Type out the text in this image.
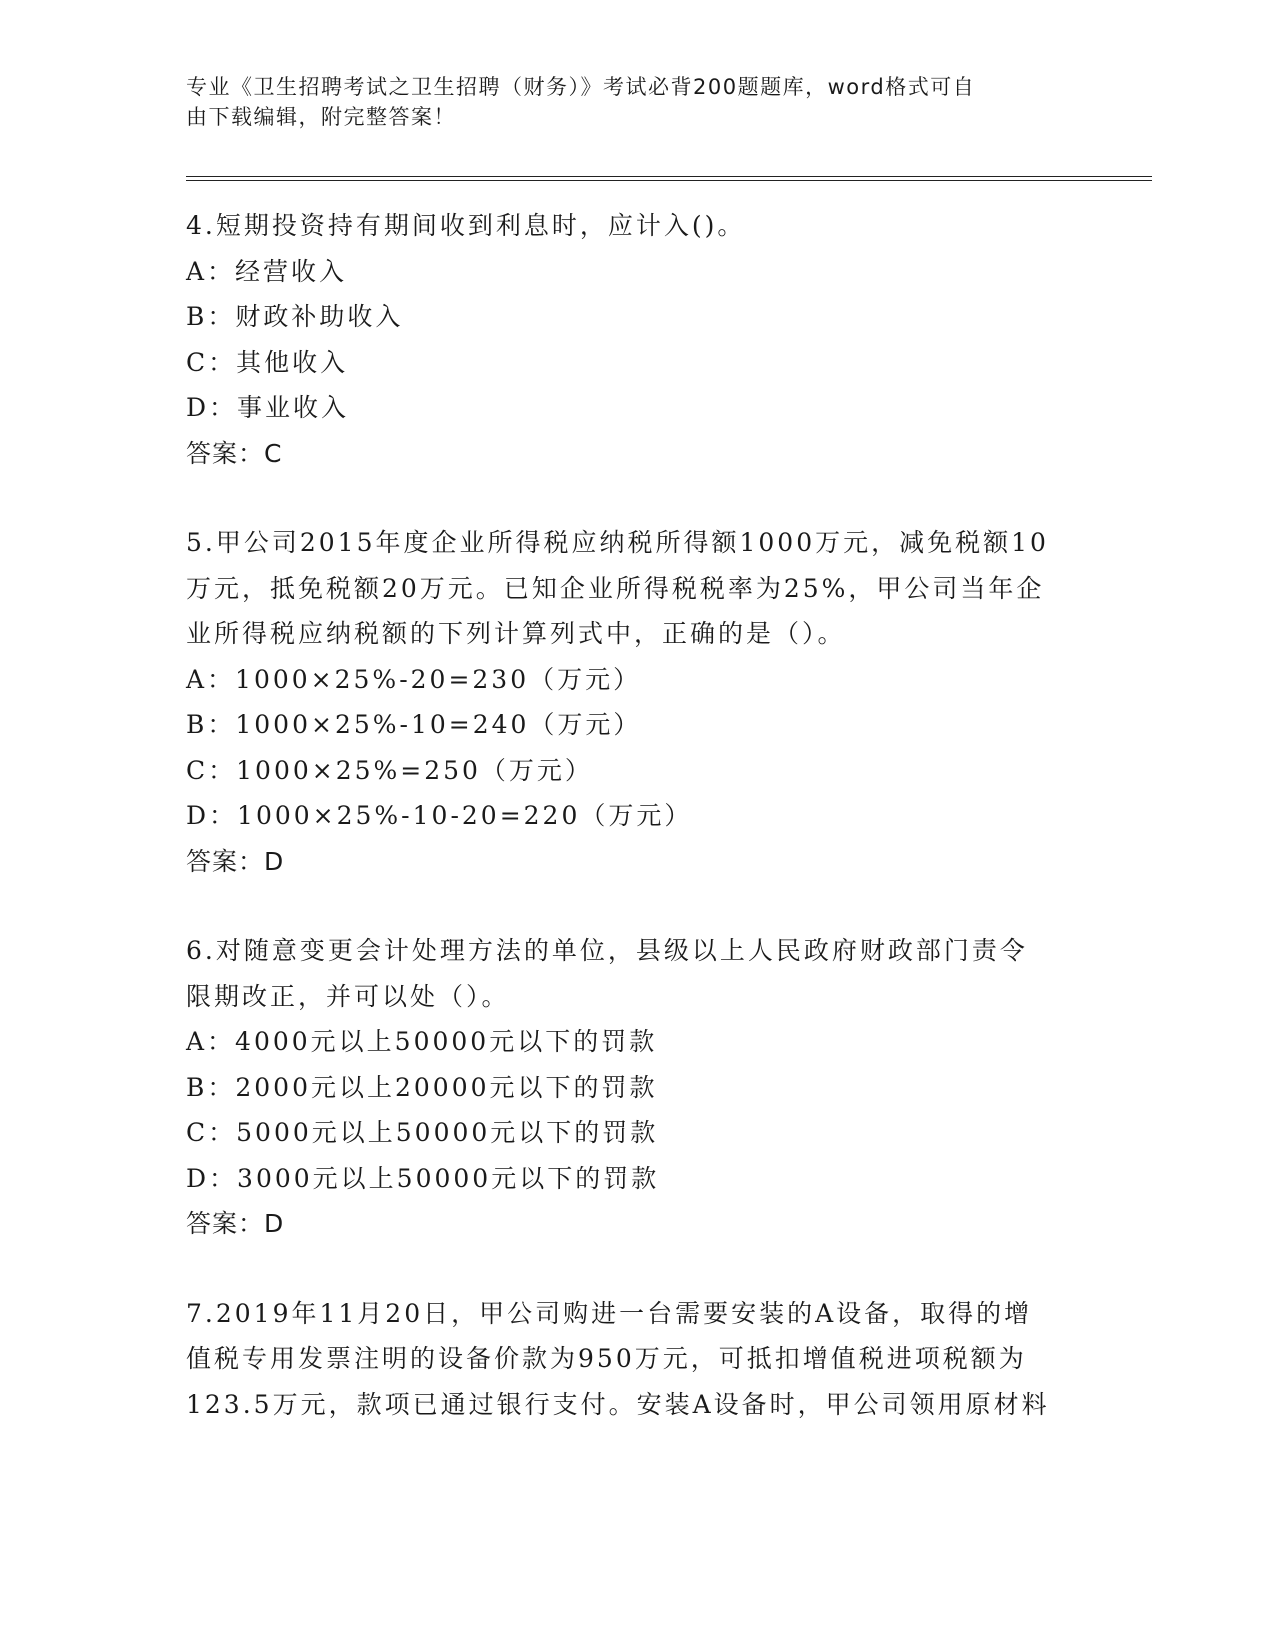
专业《卫生招聘考试之卫生招聘（财务）》考试必背200题题库，word格式可自
由下载编辑，附完整答案！
4.短期投资持有期间收到利息时，应计入()。
A：经营收入
B：财政补助收入
C：其他收入
D：事业收入
答案：C
5.甲公司2015年度企业所得税应纳税所得额1000万元，减免税额10
万元，抵免税额20万元。已知企业所得税税率为25%，甲公司当年企
业所得税应纳税额的下列计算列式中，正确的是（）。
A：1000×25%-20=230（万元）
B：1000×25%-10=240（万元）
C：1000×25%=250（万元）
D：1000×25%-10-20=220（万元）
答案：D
6.对随意变更会计处理方法的单位，县级以上人民政府财政部门责令
限期改正，并可以处（）。
A：4000元以上50000元以下的罚款
B：2000元以上20000元以下的罚款
C：5000元以上50000元以下的罚款
D：3000元以上50000元以下的罚款
答案：D
7.2019年11月20日，甲公司购进一台需要安装的A设备，取得的增
值税专用发票注明的设备价款为950万元，可抵扣增值税进项税额为
123.5万元，款项已通过银行支付。安装A设备时，甲公司领用原材料
